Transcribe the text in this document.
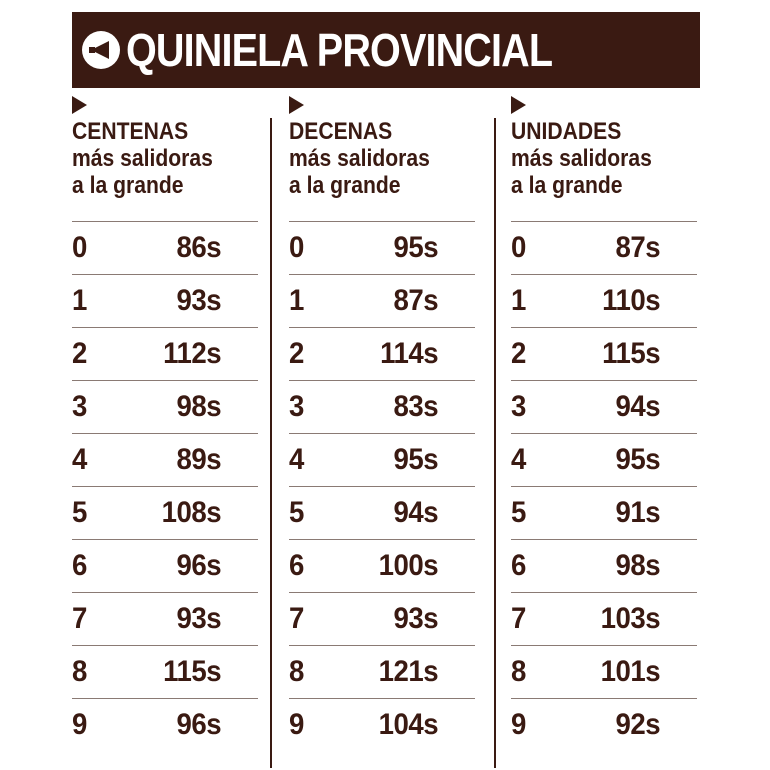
QUINIELA PROVINCIAL
CENTENAS
más salidoras
a la grande
0	86s
1	93s
2	112s
3	98s
4	89s
5	108s
6	96s
7	93s
8	115s
9	96s
DECENAS
más salidoras
a la grande
0	95s
1	87s
2	114s
3	83s
4	95s
5	94s
6	100s
7	93s
8	121s
9	104s
UNIDADES
más salidoras
a la grande
0	87s
1	110s
2	115s
3	94s
4	95s
5	91s
6	98s
7	103s
8	101s
9	92s
